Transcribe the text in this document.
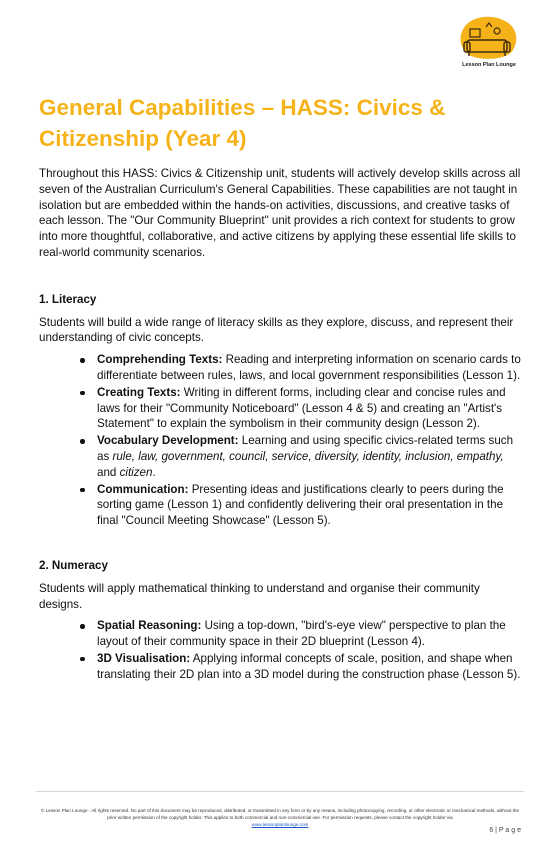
Lesson Plan Lounge
General Capabilities – HASS: Civics & Citizenship (Year 4)

Throughout this HASS: Civics & Citizenship unit, students will actively develop skills across all seven of the Australian Curriculum's General Capabilities. These capabilities are not taught in isolation but are embedded within the hands-on activities, discussions, and creative tasks of each lesson. The "Our Community Blueprint" unit provides a rich context for students to grow into more thoughtful, collaborative, and active citizens by applying these essential life skills to real-world community scenarios.

1. Literacy

Students will build a wide range of literacy skills as they explore, discuss, and represent their understanding of civic concepts.

Comprehending Texts: Reading and interpreting information on scenario cards to differentiate between rules, laws, and local government responsibilities (Lesson 1).
Creating Texts: Writing in different forms, including clear and concise rules and laws for their "Community Noticeboard" (Lesson 4 & 5) and creating an "Artist's Statement" to explain the symbolism in their community design (Lesson 2).
Vocabulary Development: Learning and using specific civics-related terms such as rule, law, government, council, service, diversity, identity, inclusion, empathy, and citizen.
Communication: Presenting ideas and justifications clearly to peers during the sorting game (Lesson 1) and confidently delivering their oral presentation in the final "Council Meeting Showcase" (Lesson 5).

2. Numeracy

Students will apply mathematical thinking to understand and organise their community designs.

Spatial Reasoning: Using a top-down, "bird's-eye view" perspective to plan the layout of their community space in their 2D blueprint (Lesson 4).
3D Visualisation: Applying informal concepts of scale, position, and shape when translating their 2D plan into a 3D model during the construction phase (Lesson 5).
© Lesson Plan Lounge - All rights reserved. No part of this document may be reproduced, distributed, or transmitted in any form or by any means, including photocopying, recording, or other electronic or mechanical methods, without the prior written permission of the copyright holder. This applies to both commercial and non-commercial use. For permission requests, please contact the copyright holder via
www.lessonplanlounge.com
6 | P a g e
